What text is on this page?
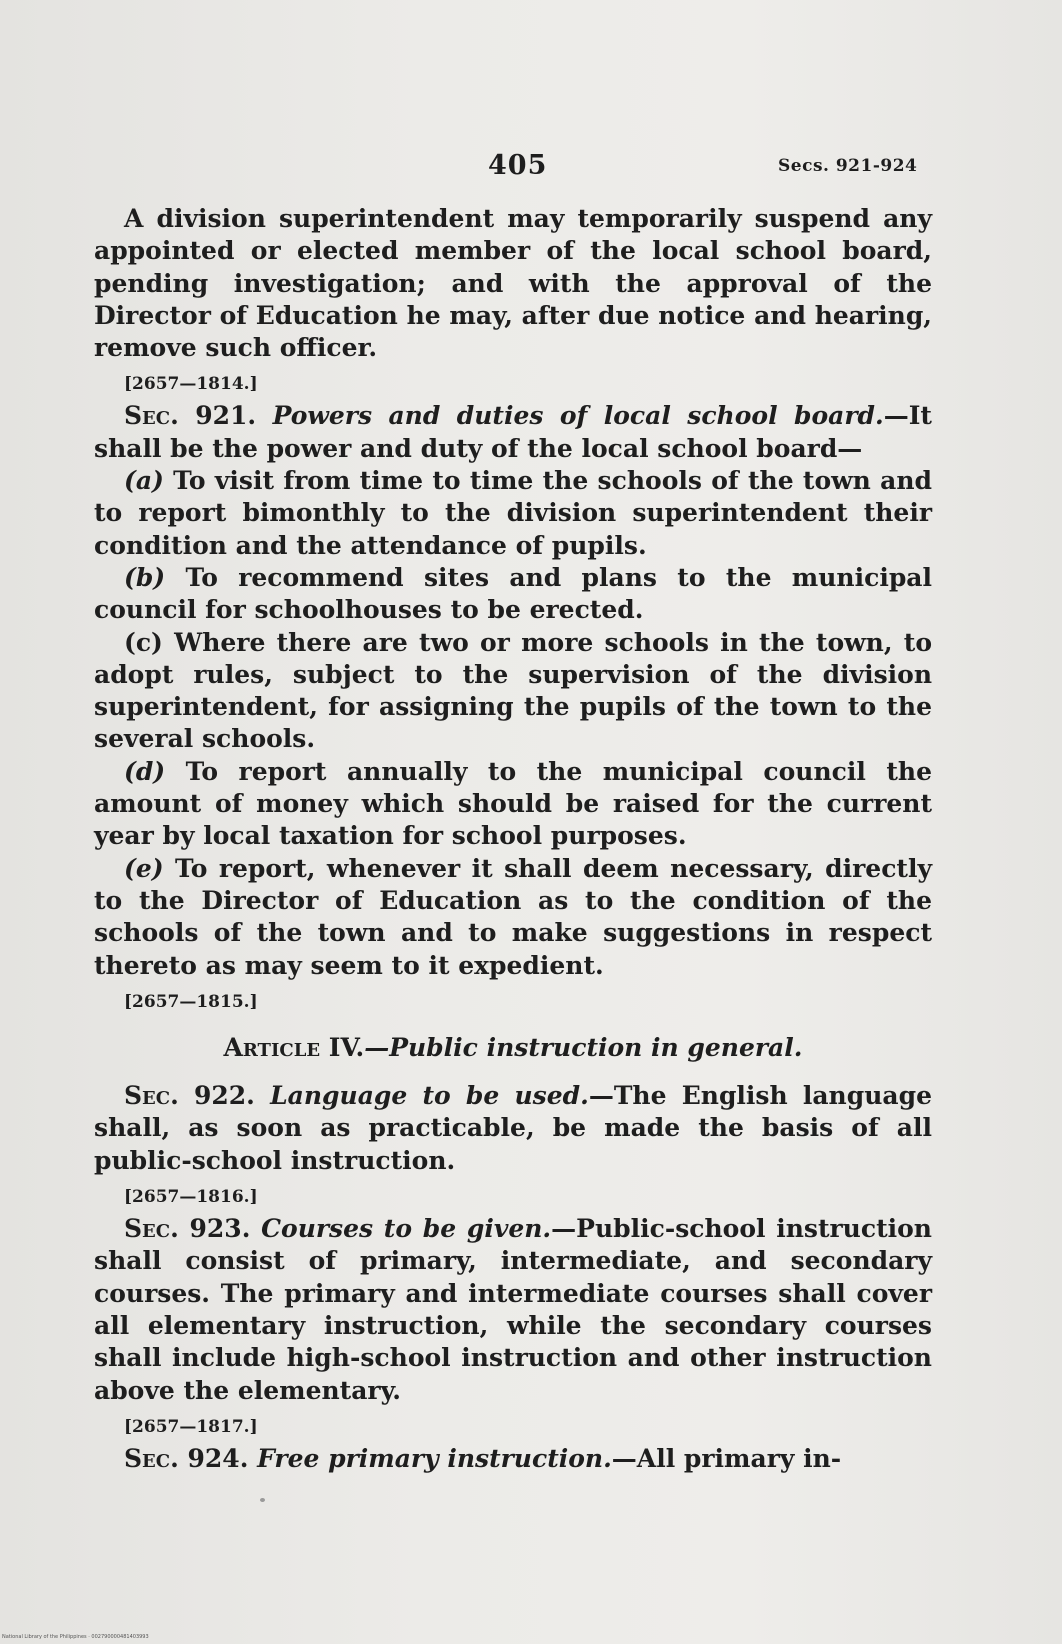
405	Secs. 921-924

A division superintendent may temporarily suspend any appointed or elected member of the local school board, pending investigation; and with the approval of the Director of Education he may, after due notice and hearing, remove such officer.

[2657—1814.]

Sec. 921. Powers and duties of local school board.—It shall be the power and duty of the local school board—

(a) To visit from time to time the schools of the town and to report bimonthly to the division superintendent their condition and the attendance of pupils.

(b) To recommend sites and plans to the municipal council for schoolhouses to be erected.

(c) Where there are two or more schools in the town, to adopt rules, subject to the supervision of the division superintendent, for assigning the pupils of the town to the several schools.

(d) To report annually to the municipal council the amount of money which should be raised for the current year by local taxation for school purposes.

(e) To report, whenever it shall deem necessary, directly to the Director of Education as to the condition of the schools of the town and to make suggestions in respect thereto as may seem to it expedient.

[2657—1815.]

Article IV.—Public instruction in general.

Sec. 922. Language to be used.—The English language shall, as soon as practicable, be made the basis of all public-school instruction.

[2657—1816.]

Sec. 923. Courses to be given.—Public-school instruction shall consist of primary, intermediate, and secondary courses. The primary and intermediate courses shall cover all elementary instruction, while the secondary courses shall include high-school instruction and other instruction above the elementary.

[2657—1817.]

Sec. 924. Free primary instruction.—All primary in-

National Library of the Philippines · 002790000481403993
